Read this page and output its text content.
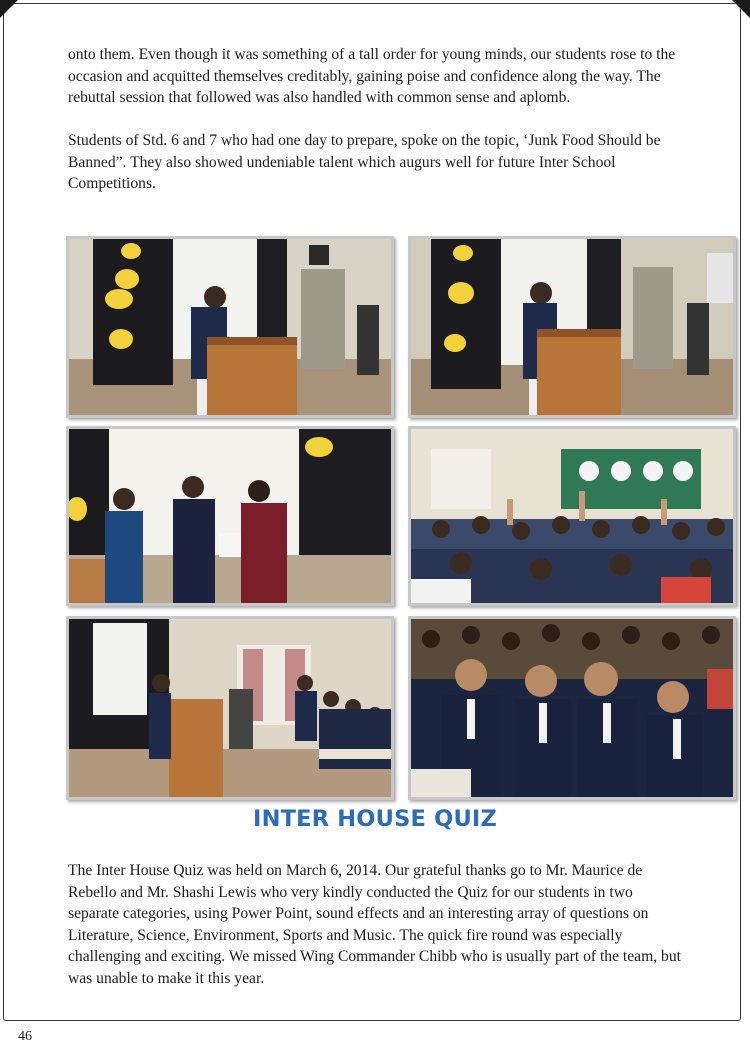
onto them. Even though it was something of a tall order for young minds, our students rose to the occasion and acquitted themselves creditably, gaining poise and confidence along the way. The rebuttal session that followed was also handled with common sense and aplomb.

Students of Std. 6 and 7 who had one day to prepare, spoke on the topic, ‘Junk Food Should be Banned”. They also showed undeniable talent which augurs well for future Inter School Competitions.

INTER HOUSE QUIZ

The Inter House Quiz was held on March 6, 2014. Our grateful thanks go to Mr. Maurice de Rebello and Mr. Shashi Lewis who very kindly conducted the Quiz for our students in two separate categories, using Power Point, sound effects and an interesting array of questions on Literature, Science, Environment, Sports and Music. The quick fire round was especially challenging and exciting. We missed Wing Commander Chibb who is usually part of the team, but was unable to make it this year.

46
